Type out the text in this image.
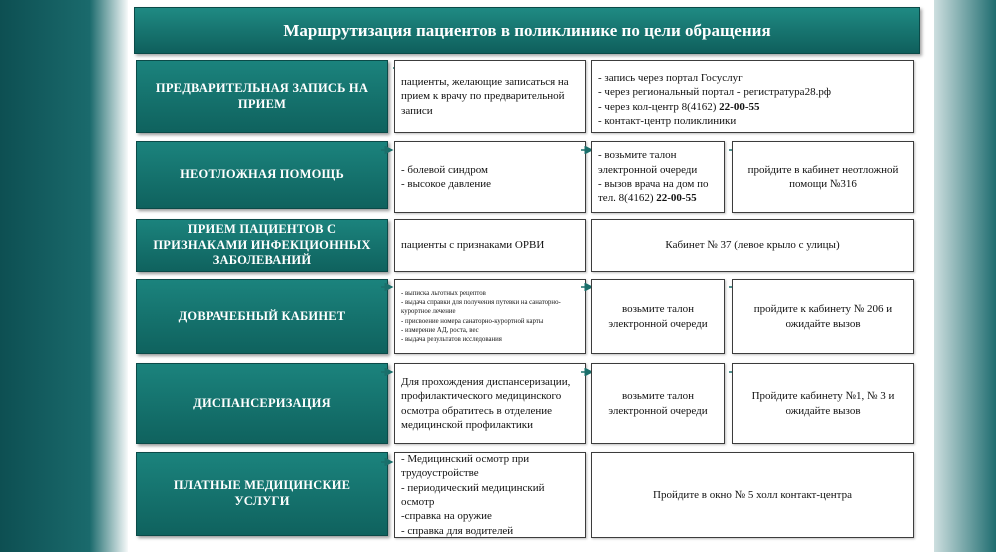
Маршрутизация пациентов в поликлинике по цели обращения
ПРЕДВАРИТЕЛЬНАЯ ЗАПИСЬ НА ПРИЕМ
пациенты, желающие записаться на прием к врачу по предварительной записи
- запись через портал Госуслуг
- через региональный портал - регистратура28.рф
- через кол-центр 8(4162) 22-00-55
- контакт-центр поликлиники
НЕОТЛОЖНАЯ ПОМОЩЬ	- болевой синдром
- высокое давление
- возьмите талон электронной очереди
- вызов врача на дом по тел. 8(4162) 22-00-55
пройдите в кабинет неотложной помощи №316
ПРИЕМ ПАЦИЕНТОВ С ПРИЗНАКАМИ ИНФЕКЦИОННЫХ ЗАБОЛЕВАНИЙ
пациенты с признаками ОРВИ	Кабинет № 37 (левое крыло с улицы)
ДОВРАЧЕБНЫЙ КАБИНЕТ
- выписка льготных рецептов
- выдача справки для получения путевки на санаторно-курортное лечение
- присвоение номера санаторно-курортной карты
- измерение АД, роста, вес
- выдача результатов исследования
возьмите талон электронной очереди
пройдите к кабинету № 206 и ожидайте вызов
ДИСПАНСЕРИЗАЦИЯ
Для прохождения диспансеризации, профилактического медицинского осмотра обратитесь в отделение медицинской профилактики
возьмите талон электронной очереди
Пройдите кабинету №1, № 3 и ожидайте вызов
ПЛАТНЫЕ МЕДИЦИНСКИЕ УСЛУГИ
- Медицинский осмотр при трудоустройстве
- периодический медицинский осмотр
-справка на оружие
- справка для водителей
Пройдите в окно № 5 холл контакт-центра
